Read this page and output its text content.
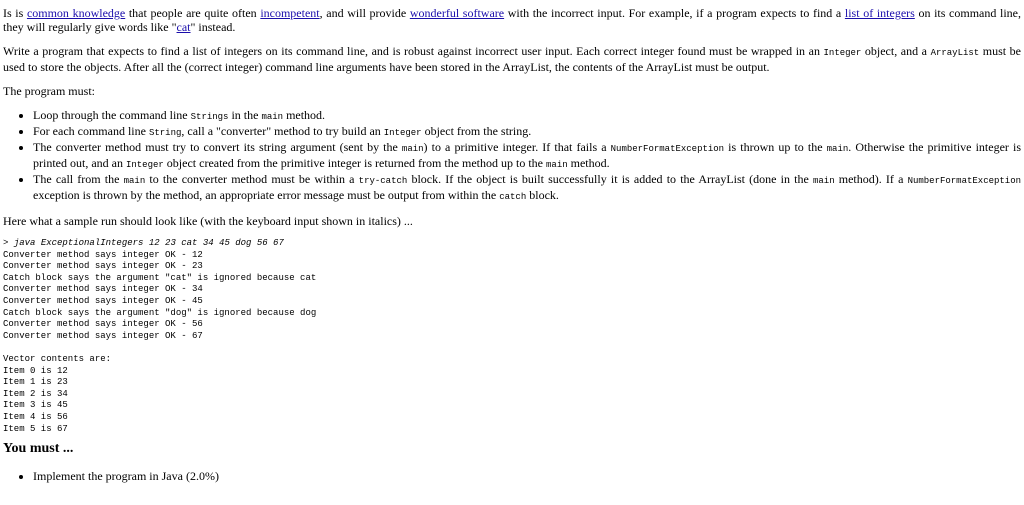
Is is common knowledge that people are quite often incompetent, and will provide wonderful software with the incorrect input. For example, if a program expects to find a list of integers on its command line, they will regularly give words like "cat" instead.

Write a program that expects to find a list of integers on its command line, and is robust against incorrect user input. Each correct integer found must be wrapped in an Integer object, and a ArrayList must be used to store the objects. After all the (correct integer) command line arguments have been stored in the ArrayList, the contents of the ArrayList must be output.

The program must:

• Loop through the command line Strings in the main method.
• For each command line String, call a "converter" method to try build an Integer object from the string.
• The converter method must try to convert its string argument (sent by the main) to a primitive integer. If that fails a NumberFormatException is thrown up to the main. Otherwise the primitive integer is printed out, and an Integer object created from the primitive integer is returned from the method up to the main method.
• The call from the main to the converter method must be within a try-catch block. If the object is built successfully it is added to the ArrayList (done in the main method). If a NumberFormatException exception is thrown by the method, an appropriate error message must be output from within the catch block.

Here what a sample run should look like (with the keyboard input shown in italics) ...

> java ExceptionalIntegers 12 23 cat 34 45 dog 56 67
Converter method says integer OK - 12
Converter method says integer OK - 23
Catch block says the argument "cat" is ignored because cat
Converter method says integer OK - 34
Converter method says integer OK - 45
Catch block says the argument "dog" is ignored because dog
Converter method says integer OK - 56
Converter method says integer OK - 67

Vector contents are:
Item 0 is 12
Item 1 is 23
Item 2 is 34
Item 3 is 45
Item 4 is 56
Item 5 is 67
You must ...
• Implement the program in Java (2.0%)
